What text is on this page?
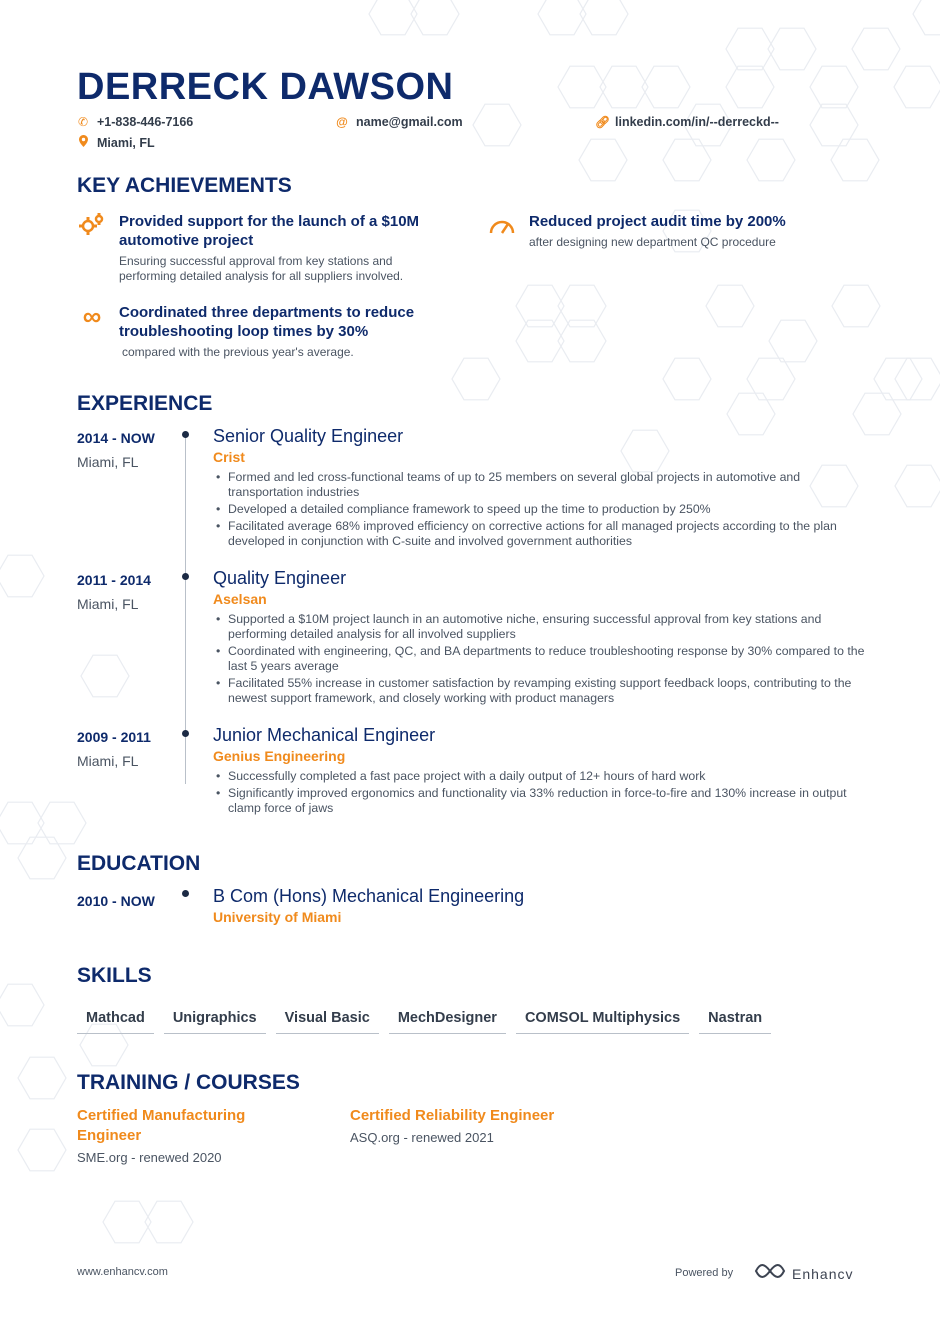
DERRECK DAWSON
✆ +1-838-446-7166	@ name@gmail.com	🔗︎ linkedin.com/in/--derreckd--
Miami, FL
KEY ACHIEVEMENTS
Provided support for the launch of a $10M automotive project
Ensuring successful approval from key stations and performing detailed analysis for all suppliers involved.
Reduced project audit time by 200%
after designing new department QC procedure
∞	Coordinated three departments to reduce troubleshooting loop times by 30%
compared with the previous year's average.
EXPERIENCE
2014 - NOW
Miami, FL
Senior Quality Engineer
Crist
• Formed and led cross-functional teams of up to 25 members on several global projects in automotive and transportation industries
• Developed a detailed compliance framework to speed up the time to production by 250%
• Facilitated average 68% improved efficiency on corrective actions for all managed projects according to the plan developed in conjunction with C-suite and involved government authorities
2011 - 2014
Miami, FL
Quality Engineer
Aselsan
• Supported a $10M project launch in an automotive niche, ensuring successful approval from key stations and performing detailed analysis for all involved suppliers
• Coordinated with engineering, QC, and BA departments to reduce troubleshooting response by 30% compared to the last 5 years average
• Facilitated 55% increase in customer satisfaction by revamping existing support feedback loops, contributing to the newest support framework, and closely working with product managers
2009 - 2011
Miami, FL
Junior Mechanical Engineer
Genius Engineering
• Successfully completed a fast pace project with a daily output of 12+ hours of hard work
• Significantly improved ergonomics and functionality via 33% reduction in force-to-fire and 130% increase in output clamp force of jaws
EDUCATION
2010 - NOW	B Com (Hons) Mechanical Engineering
University of Miami
SKILLS
Mathcad	Unigraphics	Visual Basic	MechDesigner	COMSOL Multiphysics	Nastran
TRAINING / COURSES
Certified Manufacturing Engineer
SME.org - renewed 2020
Certified Reliability Engineer
ASQ.org - renewed 2021
www.enhancv.com	Powered by	Enhancv
